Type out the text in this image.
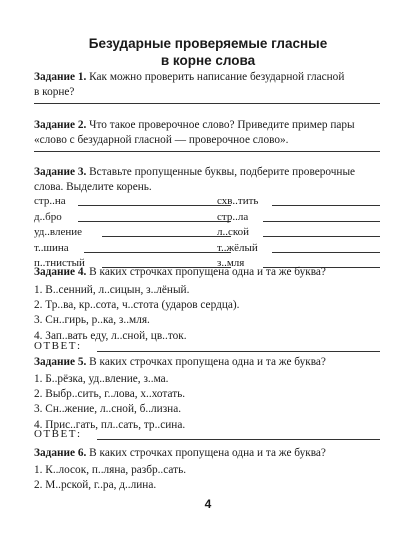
Безударные проверяемые гласные
в корне слова
Задание 1. Как можно проверить написание безударной гласной
в корне?
Задание 2. Что такое проверочное слово? Приведите пример пары
«слово с безударной гласной — проверочное слово».
Задание 3. Вставьте пропущенные буквы, подберите проверочные
слова. Выделите корень.
стр..на
д..бро
уд..вление
т..шина
п..тнистый
схв..тить
стр..ла
л..ской
т..жёлый
з..мля
Задание 4. В каких строчках пропущена одна и та же буква?
1. В..сенний, л..сицын, з..лёный.
2. Тр..ва, кр..сота, ч..стота (ударов сердца).
3. Сн..гирь, р..ка, з..мля.
4. Зап..вать еду, л..сной, цв..ток.
ОТВЕТ:
Задание 5. В каких строчках пропущена одна и та же буква?
1. Б..рёзка, уд..вление, з..ма.
2. Выбр..сить, г..лова, х..хотать.
3. Сн..жение, л..сной, б..лизна.
4. Прис..гать, пл..сать, тр..сина.
ОТВЕТ:
Задание 6. В каких строчках пропущена одна и та же буква?
1. К..лосок, п..ляна, разбр..сать.
2. М..рской, г..ра, д..лина.
4
